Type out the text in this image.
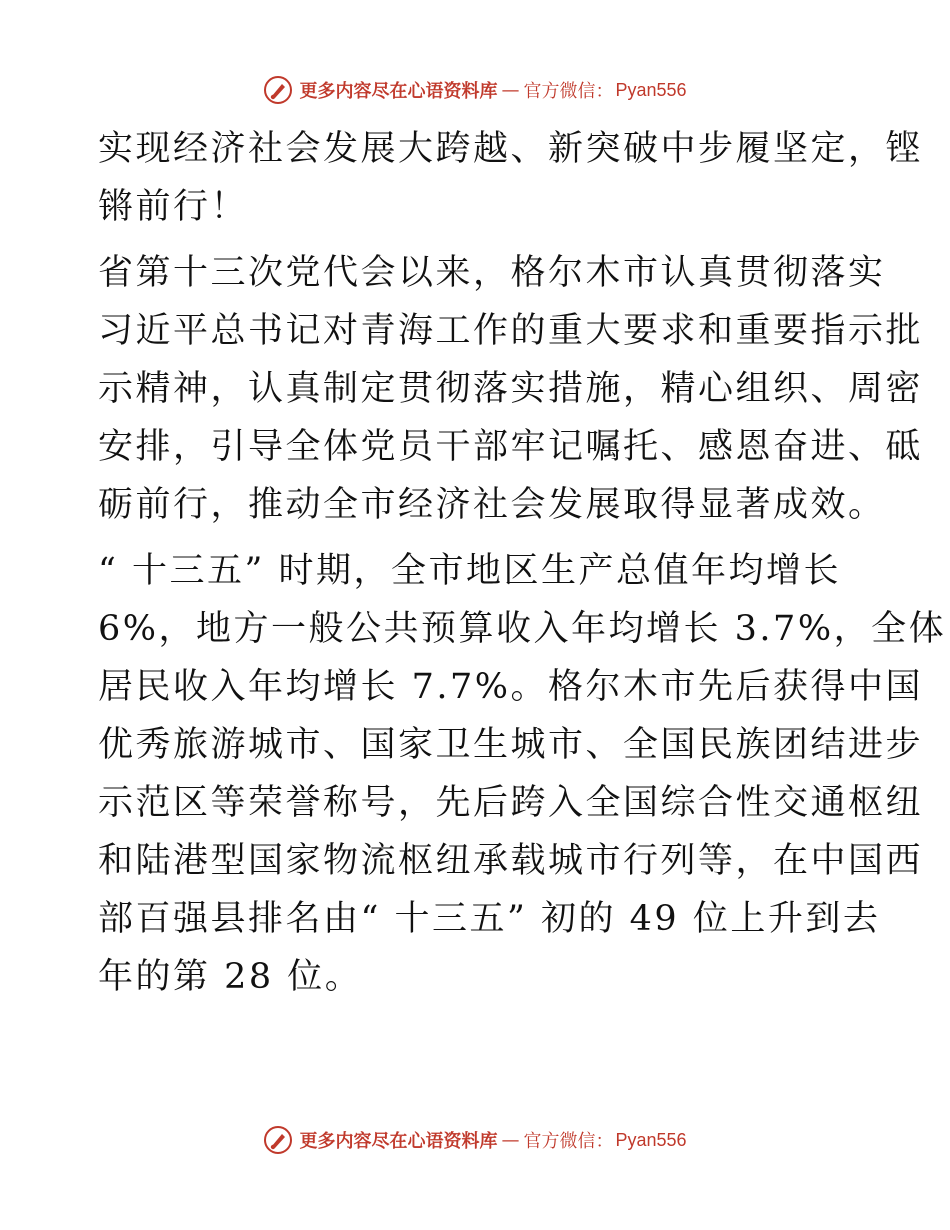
更多内容尽在心语资料库 — 官方微信： Pyan556
实现经济社会发展大跨越、新突破中步履坚定，铿
锵前行！
省第十三次党代会以来，格尔木市认真贯彻落实
习近平总书记对青海工作的重大要求和重要指示批
示精神，认真制定贯彻落实措施，精心组织、周密
安排，引导全体党员干部牢记嘱托、感恩奋进、砥
砺前行，推动全市经济社会发展取得显著成效。
“ 十三五” 时期，全市地区生产总值年均增长
6%，地方一般公共预算收入年均增长 3.7%，全体
居民收入年均增长 7.7%。格尔木市先后获得中国
优秀旅游城市、国家卫生城市、全国民族团结进步
示范区等荣誉称号，先后跨入全国综合性交通枢纽
和陆港型国家物流枢纽承载城市行列等，在中国西
部百强县排名由“ 十三五” 初的 49 位上升到去
年的第 28 位。
更多内容尽在心语资料库 — 官方微信： Pyan556
